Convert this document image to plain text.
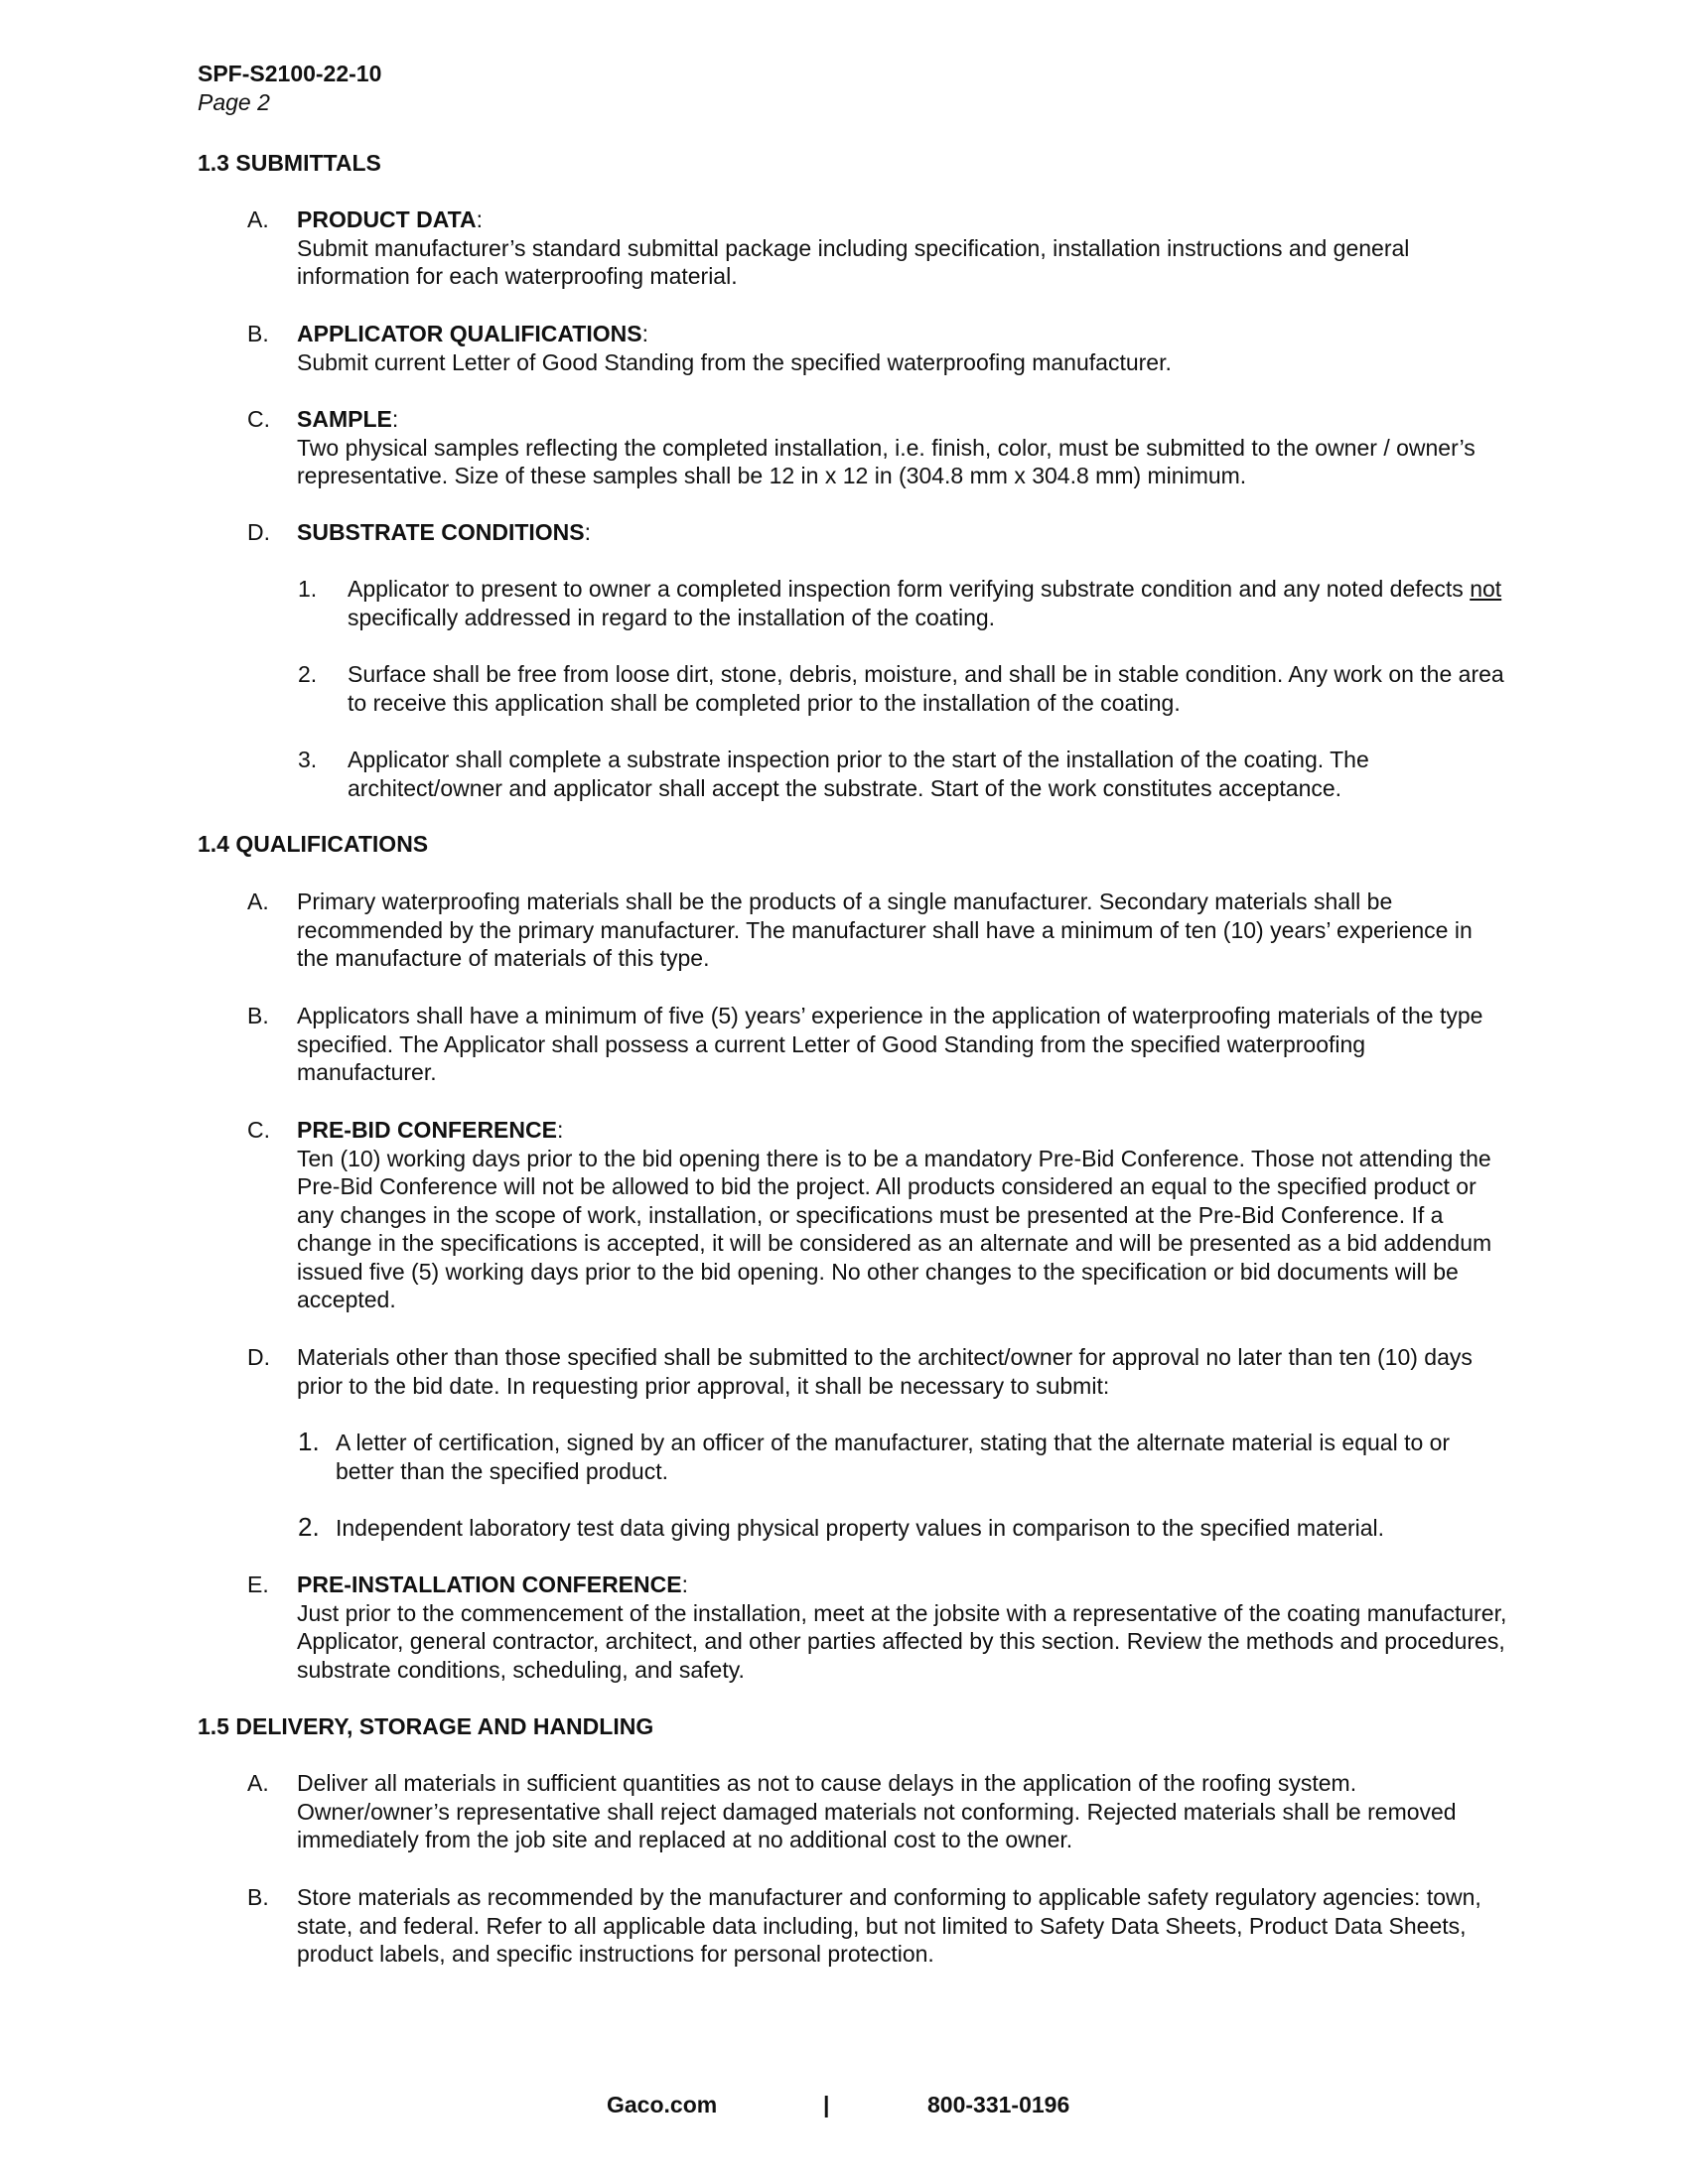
SPF-S2100-22-10
Page 2
1.3 SUBMITTALS
A. PRODUCT DATA:
Submit manufacturer’s standard submittal package including specification, installation instructions and general information for each waterproofing material.
B. APPLICATOR QUALIFICATIONS:
Submit current Letter of Good Standing from the specified waterproofing manufacturer.
C. SAMPLE:
Two physical samples reflecting the completed installation, i.e. finish, color, must be submitted to the owner / owner’s representative. Size of these samples shall be 12 in x 12 in (304.8 mm x 304.8 mm) minimum.
D. SUBSTRATE CONDITIONS:
1. Applicator to present to owner a completed inspection form verifying substrate condition and any noted defects not specifically addressed in regard to the installation of the coating.
2. Surface shall be free from loose dirt, stone, debris, moisture, and shall be in stable condition. Any work on the area to receive this application shall be completed prior to the installation of the coating.
3. Applicator shall complete a substrate inspection prior to the start of the installation of the coating. The architect/owner and applicator shall accept the substrate. Start of the work constitutes acceptance.
1.4 QUALIFICATIONS
A. Primary waterproofing materials shall be the products of a single manufacturer. Secondary materials shall be recommended by the primary manufacturer. The manufacturer shall have a minimum of ten (10) years’ experience in the manufacture of materials of this type.
B. Applicators shall have a minimum of five (5) years’ experience in the application of waterproofing materials of the type specified. The Applicator shall possess a current Letter of Good Standing from the specified waterproofing manufacturer.
C. PRE-BID CONFERENCE:
Ten (10) working days prior to the bid opening there is to be a mandatory Pre-Bid Conference. Those not attending the Pre-Bid Conference will not be allowed to bid the project. All products considered an equal to the specified product or any changes in the scope of work, installation, or specifications must be presented at the Pre-Bid Conference. If a change in the specifications is accepted, it will be considered as an alternate and will be presented as a bid addendum issued five (5) working days prior to the bid opening. No other changes to the specification or bid documents will be accepted.
D. Materials other than those specified shall be submitted to the architect/owner for approval no later than ten (10) days prior to the bid date. In requesting prior approval, it shall be necessary to submit:
1. A letter of certification, signed by an officer of the manufacturer, stating that the alternate material is equal to or better than the specified product.
2. Independent laboratory test data giving physical property values in comparison to the specified material.
E. PRE-INSTALLATION CONFERENCE:
Just prior to the commencement of the installation, meet at the jobsite with a representative of the coating manufacturer, Applicator, general contractor, architect, and other parties affected by this section. Review the methods and procedures, substrate conditions, scheduling, and safety.
1.5 DELIVERY, STORAGE AND HANDLING
A. Deliver all materials in sufficient quantities as not to cause delays in the application of the roofing system. Owner/owner’s representative shall reject damaged materials not conforming. Rejected materials shall be removed immediately from the job site and replaced at no additional cost to the owner.
B. Store materials as recommended by the manufacturer and conforming to applicable safety regulatory agencies: town, state, and federal. Refer to all applicable data including, but not limited to Safety Data Sheets, Product Data Sheets, product labels, and specific instructions for personal protection.
Gaco.com	|	800-331-0196
